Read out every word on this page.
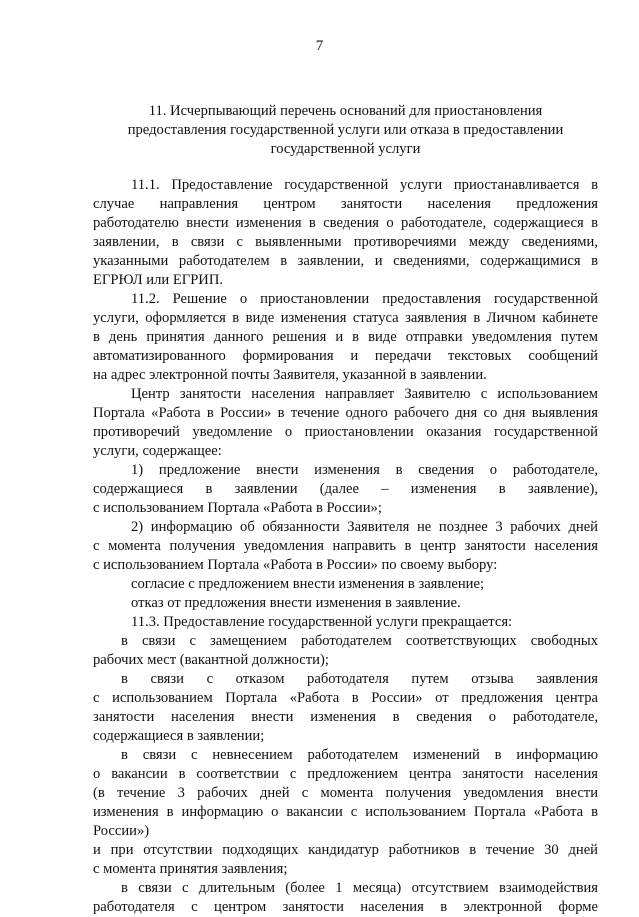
7
11. Исчерпывающий перечень оснований для приостановления
предоставления государственной услуги или отказа в предоставлении
государственной услуги
11.1. Предоставление государственной услуги приостанавливается в
случае направления центром занятости населения предложения
работодателю внести изменения в сведения о работодателе, содержащиеся в
заявлении, в связи с выявленными противоречиями между сведениями,
указанными работодателем в заявлении, и сведениями, содержащимися в
ЕГРЮЛ или ЕГРИП.
11.2. Решение о приостановлении предоставления государственной
услуги, оформляется в виде изменения статуса заявления в Личном кабинете
в день принятия данного решения и в виде отправки уведомления путем
автоматизированного формирования и передачи текстовых сообщений
на адрес электронной почты Заявителя, указанной в заявлении.
Центр занятости населения направляет Заявителю с использованием
Портала «Работа в России» в течение одного рабочего дня со дня выявления
противоречий уведомление о приостановлении оказания государственной
услуги, содержащее:
1) предложение внести изменения в сведения о работодателе,
содержащиеся в заявлении (далее – изменения в заявление),
с использованием Портала «Работа в России»;
2) информацию об обязанности Заявителя не позднее 3 рабочих дней
с момента получения уведомления направить в центр занятости населения
с использованием Портала «Работа в России» по своему выбору:
согласие с предложением внести изменения в заявление;
отказ от предложения внести изменения в заявление.
11.3. Предоставление государственной услуги прекращается:
в связи с замещением работодателем соответствующих свободных
рабочих мест (вакантной должности);
в связи с отказом работодателя путем отзыва заявления
с использованием Портала «Работа в России» от предложения центра
занятости населения внести изменения в сведения о работодателе,
содержащиеся в заявлении;
в связи с невнесением работодателем изменений в информацию
о вакансии в соответствии с предложением центра занятости населения
(в течение 3 рабочих дней с момента получения уведомления внести
изменения в информацию о вакансии с использованием Портала «Работа в
России»)
и при отсутствии подходящих кандидатур работников в течение 30 дней
с момента принятия заявления;
в связи с длительным (более 1 месяца) отсутствием взаимодействия
работодателя с центром занятости населения в электронной форме
